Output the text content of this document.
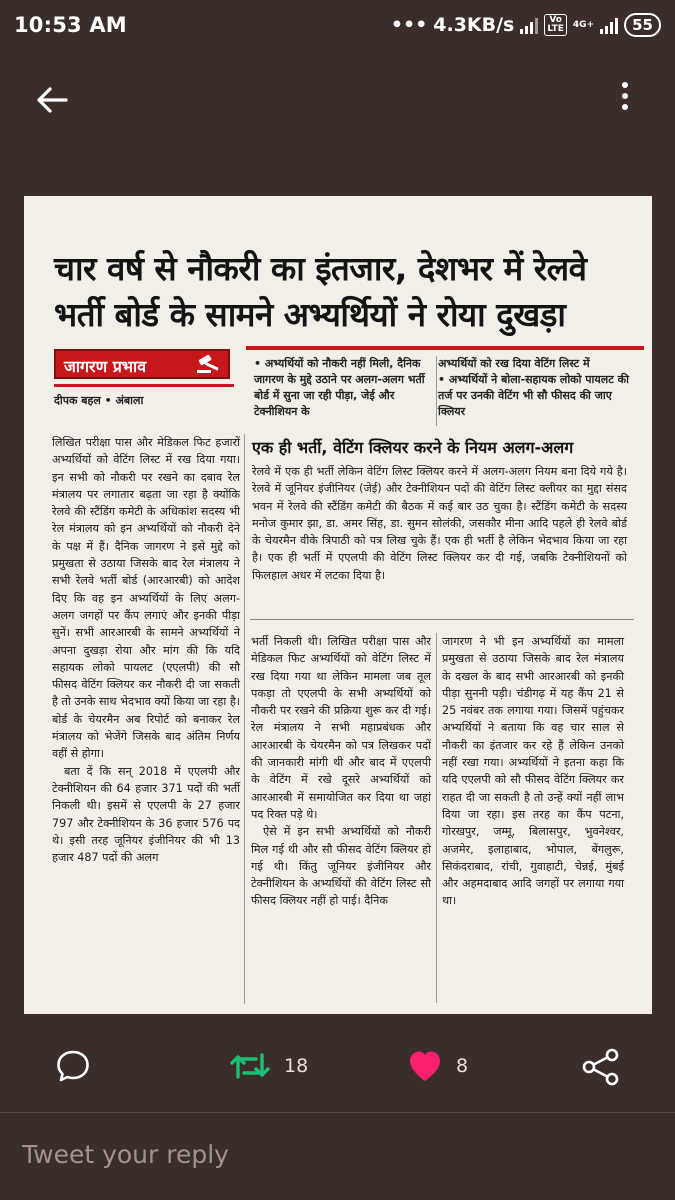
10:53 AM	••• 4.3KB/s	Vo
LTE	4G+	55
चार वर्ष से नौकरी का इंतजार, देशभर में रेलवे
भर्ती बोर्ड के सामने अभ्यर्थियों ने रोया दुखड़ा
जागरण प्रभाव
दीपक बहल • अंबाला

• अभ्यर्थियों को नौकरी नहीं मिली, दैनिक जागरण के मुद्दे उठाने पर अलग-अलग भर्ती बोर्ड में सुना जा रही पीड़ा, जेई और टेक्नीशियन के

अभ्यर्थियों को रख दिया वेटिंग लिस्ट में

• अभ्यर्थियों ने बोला-सहायक लोको पायलट की तर्ज पर उनकी वेटिंग भी सौ फीसद की जाए क्लियर

एक ही भर्ती, वेटिंग क्लियर करने के नियम अलग-अलग
रेलवे में एक ही भर्ती लेकिन वेटिंग लिस्ट क्लियर करने में अलग-अलग नियम बना दिये गये है। रेलवे में जूनियर इंजीनियर (जेई) और टेक्नीशियन पदों की वेटिंग लिस्ट क्लीयर का मुद्दा संसद भवन में रेलवे की स्टैंडिंग कमेटी की बैठक में कई बार उठ चुका है। स्टैंडिंग कमेटी के सदस्य मनोज कुमार झा, डा. अमर सिंह, डा. सुमन सोलंकी, जसकौर मीना आदि पहले ही रेलवे बोर्ड के चेयरमैन वीके त्रिपाठी को पत्र लिख चुके हैं। एक ही भर्ती है लेकिन भेदभाव किया जा रहा है। एक ही भर्ती में एएलपी की वेटिंग लिस्ट क्लियर कर दी गई, जबकि टेक्नीशियनों को फिलहाल अधर में लटका दिया है।

लिखित परीक्षा पास और मेडिकल फिट हजारों अभ्यर्थियों को वेटिंग लिस्ट में रख दिया गया। इन सभी को नौकरी पर रखने का दबाव रेल मंत्रालय पर लगातार बढ़ता जा रहा है क्योंकि रेलवे की स्टैंडिंग कमेटी के अधिकांश सदस्य भी रेल मंत्रालय को इन अभ्यर्थियों को नौकरी देने के पक्ष में हैं। दैनिक जागरण ने इसे मुद्दे को प्रमुखता से उठाया जिसके बाद रेल मंत्रालय ने सभी रेलवे भर्ती बोर्ड (आरआरबी) को आदेश दिए कि वह इन अभ्यर्थियों के लिए अलग-अलग जगहों पर कैंप लगाएं और इनकी पीड़ा सुनें। सभी आरआरबी के सामने अभ्यर्थियों ने अपना दुखड़ा रोया और मांग की कि यदि सहायक लोको पायलट (एएलपी) की सौ फीसद वेटिंग क्लियर कर नौकरी दी जा सकती है तो उनके साथ भेदभाव क्यों किया जा रहा है। बोर्ड के चेयरमैन अब रिपोर्ट को बनाकर रेल मंत्रालय को भेजेंगे जिसके बाद अंतिम निर्णय वहीं से होगा।

बता दें कि सन् 2018 में एएलपी और टेक्नीशियन की 64 हजार 371 पदों की भर्ती निकली थी। इसमें से एएलपी के 27 हजार 797 और टेक्नीशियन के 36 हजार 576 पद थे। इसी तरह जूनियर इंजीनियर की भी 13 हजार 487 पदों की अलग

भर्ती निकली थी। लिखित परीक्षा पास और मेडिकल फिट अभ्यर्थियों को वेटिंग लिस्ट में रख दिया गया था लेकिन मामला जब तूल पकड़ा तो एएलपी के सभी अभ्यर्थियों को नौकरी पर रखने की प्रक्रिया शुरू कर दी गई। रेल मंत्रालय ने सभी महाप्रबंधक और आरआरबी के चेयरमैन को पत्र लिखकर पदों की जानकारी मांगी थी और बाद में एएलपी के वेटिंग में रखे दूसरे अभ्यर्थियों को आरआरबी में समायोजित कर दिया था जहां पद रिक्त पड़े थे।

ऐसे में इन सभी अभ्यर्थियों को नौकरी मिल गई थी और सौ फीसद वेटिंग क्लियर हो गई थी। किंतु जूनियर इंजीनियर और टेक्नीशियन के अभ्यर्थियों की वेटिंग लिस्ट सौ फीसद क्लियर नहीं हो पाई। दैनिक

जागरण ने भी इन अभ्यर्थियों का मामला प्रमुखता से उठाया जिसके बाद रेल मंत्रालय के दखल के बाद सभी आरआरबी को इनकी पीड़ा सुननी पड़ी। चंडीगढ़ में यह कैंप 21 से 25 नवंबर तक लगाया गया। जिसमें पहुंचकर अभ्यर्थियों ने बताया कि वह चार साल से नौकरी का इंतजार कर रहे हैं लेकिन उनको नहीं रखा गया। अभ्यर्थियों ने इतना कहा कि यदि एएलपी को सौ फीसद वेटिंग क्लियर कर राहत दी जा सकती है तो उन्हें क्यों नहीं लाभ दिया जा रहा। इस तरह का कैंप पटना, गोरखपुर, जम्मू, बिलासपुर, भुवनेश्वर, अजमेर, इलाहाबाद, भोपाल, बेंगलुरू, सिकंदराबाद, रांची, गुवाहाटी, चेन्नई, मुंबई और अहमदाबाद आदि जगहों पर लगाया गया था।

18	8
Tweet your reply
